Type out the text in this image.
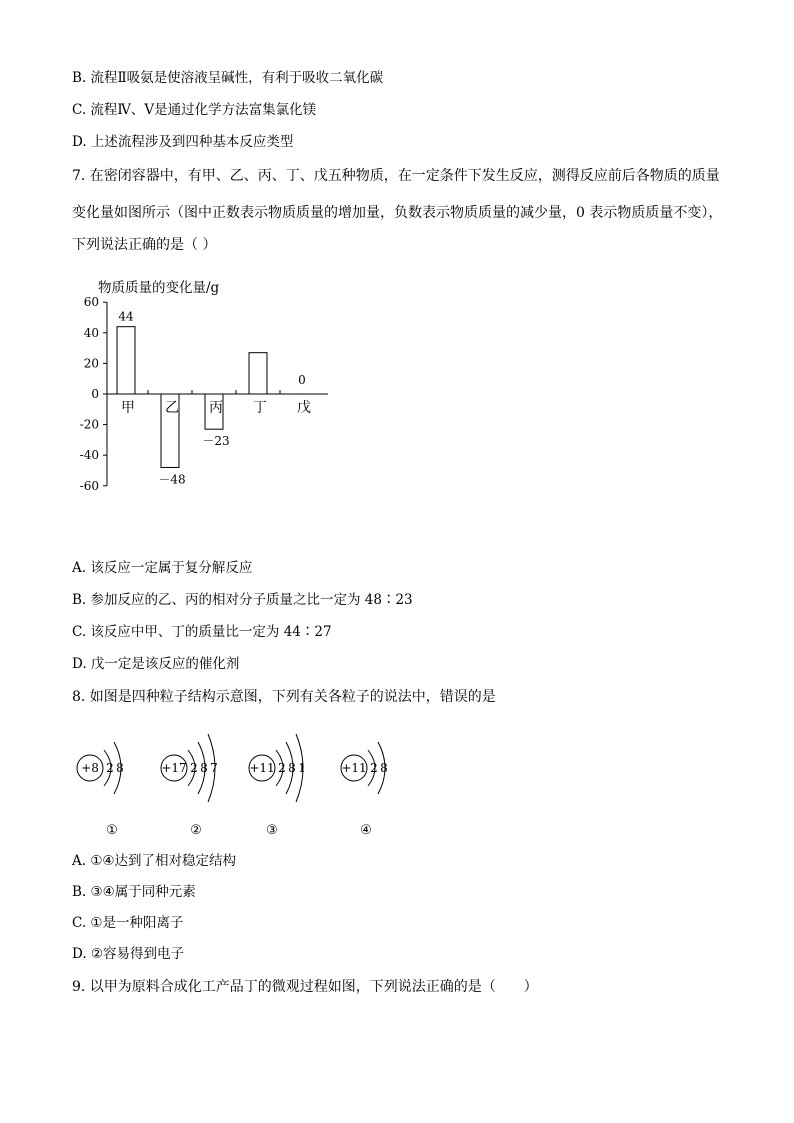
B. 流程Ⅱ吸氨是使溶液呈碱性，有利于吸收二氧化碳
C. 流程Ⅳ、Ⅴ是通过化学方法富集氯化镁
D. 上述流程涉及到四种基本反应类型
7. 在密闭容器中，有甲、乙、丙、丁、戊五种物质，在一定条件下发生反应，测得反应前后各物质的质量
变化量如图所示（图中正数表示物质质量的增加量，负数表示物质质量的减少量，0 表示物质质量不变），
下列说法正确的是（ ）
物质质量的变化量/g
60
40
20
0
-20
-40
-60
甲
44
乙
－48
丙
－23
丁 戊
0
A. 该反应一定属于复分解反应
B. 参加反应的乙、丙的相对分子质量之比一定为 48∶23
C. 该反应中甲、丁的质量比一定为 44∶27
D. 戊一定是该反应的催化剂
8. 如图是四种粒子结构示意图，下列有关各粒子的说法中，错误的是
+8 2 8
①
+17 2 8 7
②
+11 2 8 1
③
+11 2 8
④
A. ①④达到了相对稳定结构
B. ③④属于同种元素
C. ①是一种阳离子
D. ②容易得到电子
9. 以甲为原料合成化工产品丁的微观过程如图，下列说法正确的是（　　）
